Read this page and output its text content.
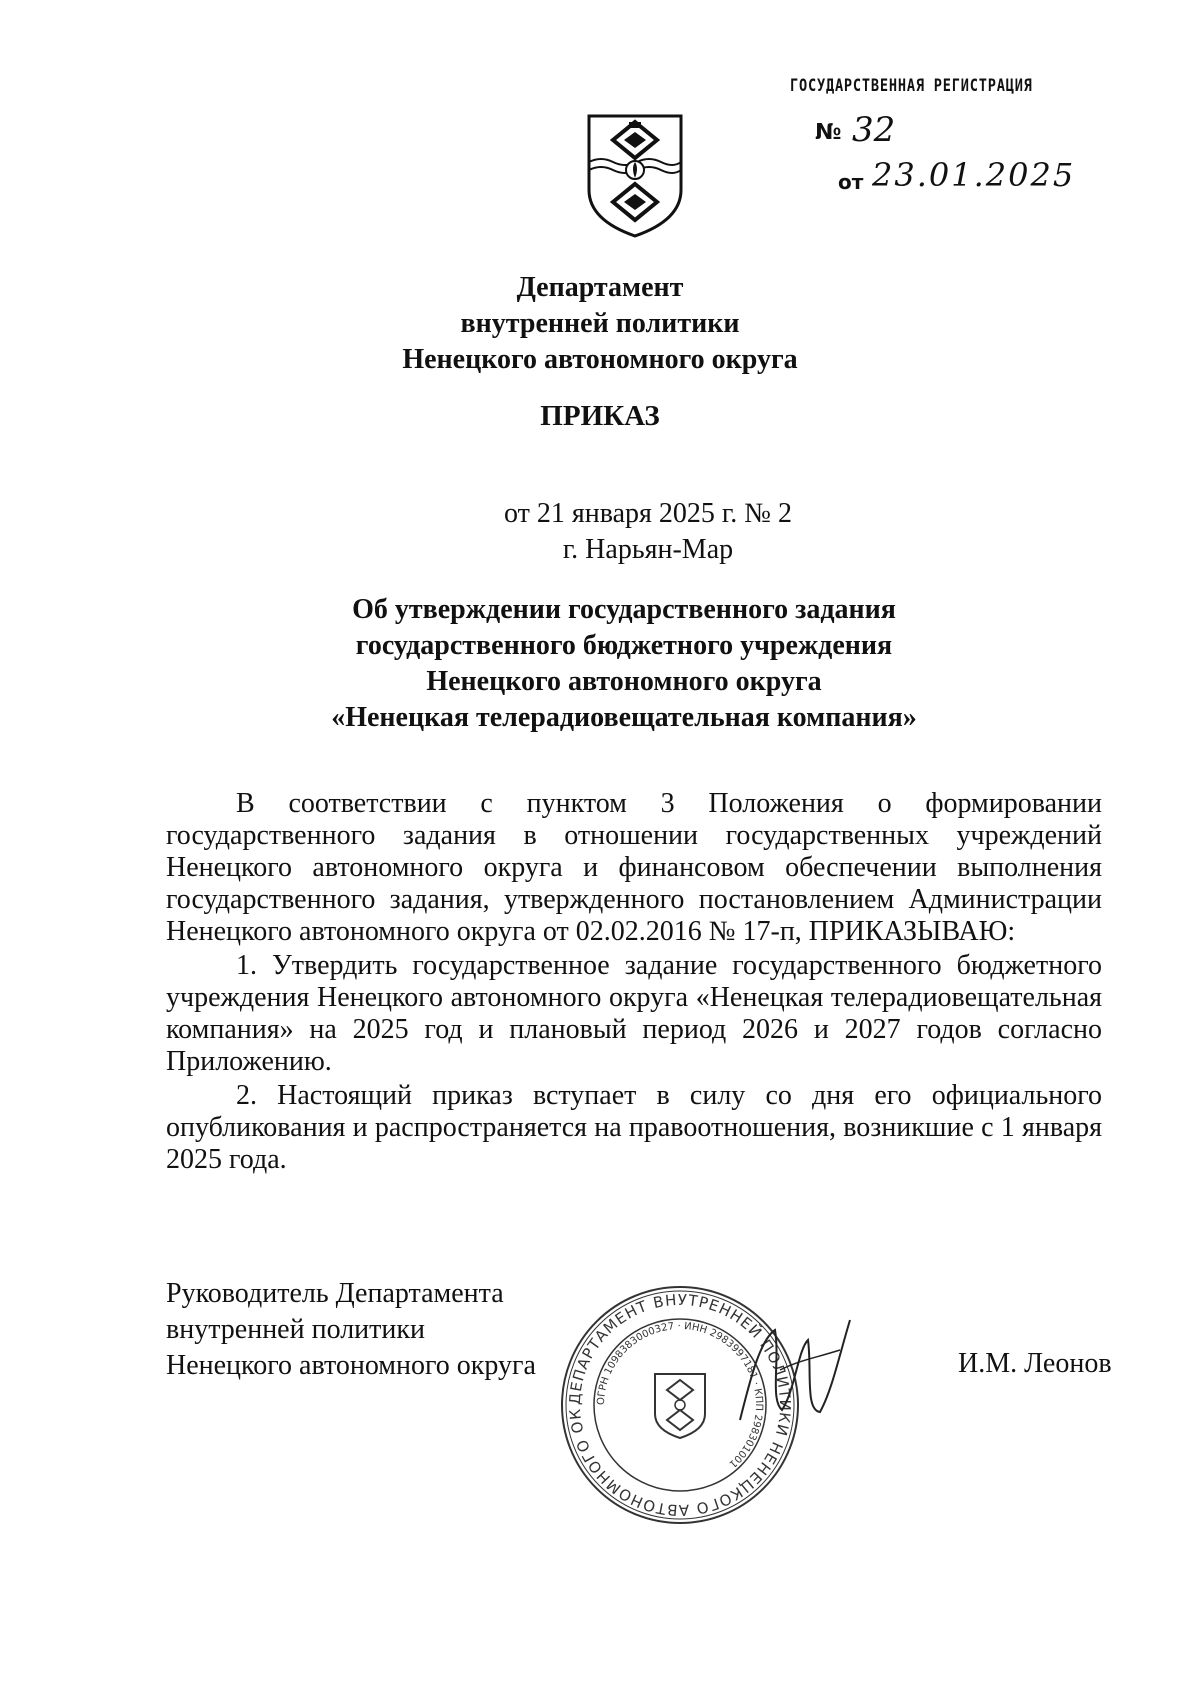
ГОСУДАРСТВЕННАЯ РЕГИСТРАЦИЯ
№ 32
от 23.01.2025
Департамент
внутренней политики
Ненецкого автономного округа
ПРИКАЗ
от 21 января 2025 г. № 2
г. Нарьян-Мар
Об утверждении государственного задания
государственного бюджетного учреждения
Ненецкого автономного округа
«Ненецкая телерадиовещательная компания»

В соответствии с пунктом 3 Положения о формировании государственного задания в отношении государственных учреждений Ненецкого автономного округа и финансовом обеспечении выполнения государственного задания, утвержденного постановлением Администрации Ненецкого автономного округа от 02.02.2016 № 17-п, ПРИКАЗЫВАЮ:

1. Утвердить государственное задание государственного бюджетного учреждения Ненецкого автономного округа «Ненецкая телерадиовещательная компания» на 2025 год и плановый период 2026 и 2027 годов согласно Приложению.

2. Настоящий приказ вступает в силу со дня его официального опубликования и распространяется на правоотношения, возникшие с 1 января 2025 года.

Руководитель Департамента
внутренней политики
Ненецкого автономного округа	И.М. Леонов
ДЕПАРТАМЕНТ ВНУТРЕННЕЙ ПОЛИТИКИ НЕНЕЦКОГО АВТОНОМНОГО ОК
ОГРН 1098383000327 · ИНН 2983997181 · КПП 298301001
